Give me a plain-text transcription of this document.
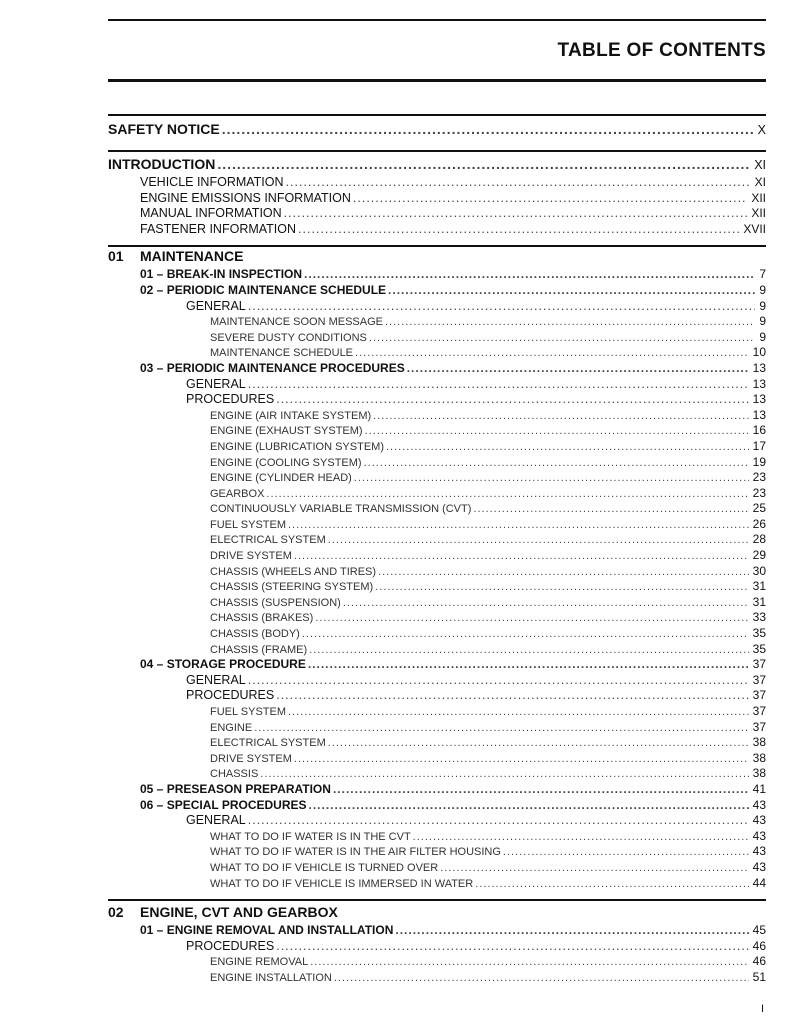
TABLE OF CONTENTS
SAFETY NOTICE .....	X
INTRODUCTION .....	XI
VEHICLE INFORMATION .....	XI
ENGINE EMISSIONS INFORMATION .....	XII
MANUAL INFORMATION .....	XII
FASTENER INFORMATION .....	XVII
01 MAINTENANCE
01 – BREAK-IN INSPECTION .....	7
02 – PERIODIC MAINTENANCE SCHEDULE .....	9
GENERAL .....	9
MAINTENANCE SOON MESSAGE .....	9
SEVERE DUSTY CONDITIONS .....	9
MAINTENANCE SCHEDULE .....	10
03 – PERIODIC MAINTENANCE PROCEDURES .....	13
GENERAL .....	13
PROCEDURES .....	13
ENGINE (AIR INTAKE SYSTEM) .....	13
ENGINE (EXHAUST SYSTEM) .....	16
ENGINE (LUBRICATION SYSTEM) .....	17
ENGINE (COOLING SYSTEM) .....	19
ENGINE (CYLINDER HEAD) .....	23
GEARBOX .....	23
CONTINUOUSLY VARIABLE TRANSMISSION (CVT) .....	25
FUEL SYSTEM .....	26
ELECTRICAL SYSTEM .....	28
DRIVE SYSTEM .....	29
CHASSIS (WHEELS AND TIRES) .....	30
CHASSIS (STEERING SYSTEM) .....	31
CHASSIS (SUSPENSION) .....	31
CHASSIS (BRAKES) .....	33
CHASSIS (BODY) .....	35
CHASSIS (FRAME) .....	35
04 – STORAGE PROCEDURE .....	37
GENERAL .....	37
PROCEDURES .....	37
FUEL SYSTEM .....	37
ENGINE .....	37
ELECTRICAL SYSTEM .....	38
DRIVE SYSTEM .....	38
CHASSIS .....	38
05 – PRESEASON PREPARATION .....	41
06 – SPECIAL PROCEDURES .....	43
GENERAL .....	43
WHAT TO DO IF WATER IS IN THE CVT .....	43
WHAT TO DO IF WATER IS IN THE AIR FILTER HOUSING .....	43
WHAT TO DO IF VEHICLE IS TURNED OVER .....	43
WHAT TO DO IF VEHICLE IS IMMERSED IN WATER .....	44
02 ENGINE, CVT AND GEARBOX
01 – ENGINE REMOVAL AND INSTALLATION .....	45
PROCEDURES .....	46
ENGINE REMOVAL .....	46
ENGINE INSTALLATION .....	51
I
